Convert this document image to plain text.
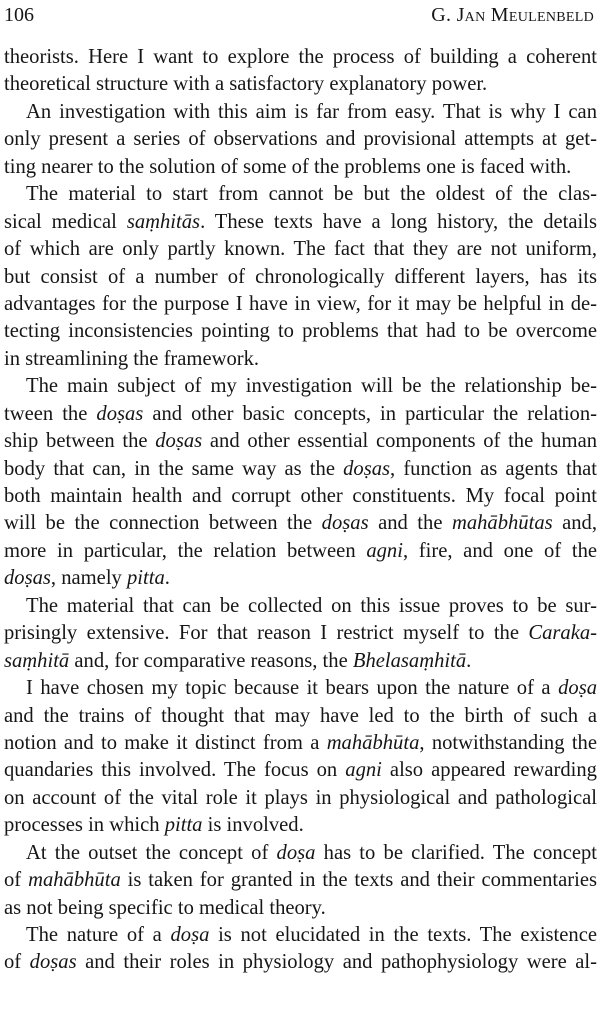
106	G. Jan Meulenbeld
theorists. Here I want to explore the process of building a coherent
theoretical structure with a satisfactory explanatory power.
An investigation with this aim is far from easy. That is why I can
only present a series of observations and provisional attempts at get-
ting nearer to the solution of some of the problems one is faced with.
The material to start from cannot be but the oldest of the clas-
sical medical saṃhitās. These texts have a long history, the details
of which are only partly known. The fact that they are not uniform,
but consist of a number of chronologically different layers, has its
advantages for the purpose I have in view, for it may be helpful in de-
tecting inconsistencies pointing to problems that had to be overcome
in streamlining the framework.
The main subject of my investigation will be the relationship be-
tween the doṣas and other basic concepts, in particular the relation-
ship between the doṣas and other essential components of the human
body that can, in the same way as the doṣas, function as agents that
both maintain health and corrupt other constituents. My focal point
will be the connection between the doṣas and the mahābhūtas and,
more in particular, the relation between agni, fire, and one of the
doṣas, namely pitta.
The material that can be collected on this issue proves to be sur-
prisingly extensive. For that reason I restrict myself to the Caraka-
saṃhitā and, for comparative reasons, the Bhelasaṃhitā.
I have chosen my topic because it bears upon the nature of a doṣa
and the trains of thought that may have led to the birth of such a
notion and to make it distinct from a mahābhūta, notwithstanding the
quandaries this involved. The focus on agni also appeared rewarding
on account of the vital role it plays in physiological and pathological
processes in which pitta is involved.
At the outset the concept of doṣa has to be clarified. The concept
of mahābhūta is taken for granted in the texts and their commentaries
as not being specific to medical theory.
The nature of a doṣa is not elucidated in the texts. The existence
of doṣas and their roles in physiology and pathophysiology were al-
